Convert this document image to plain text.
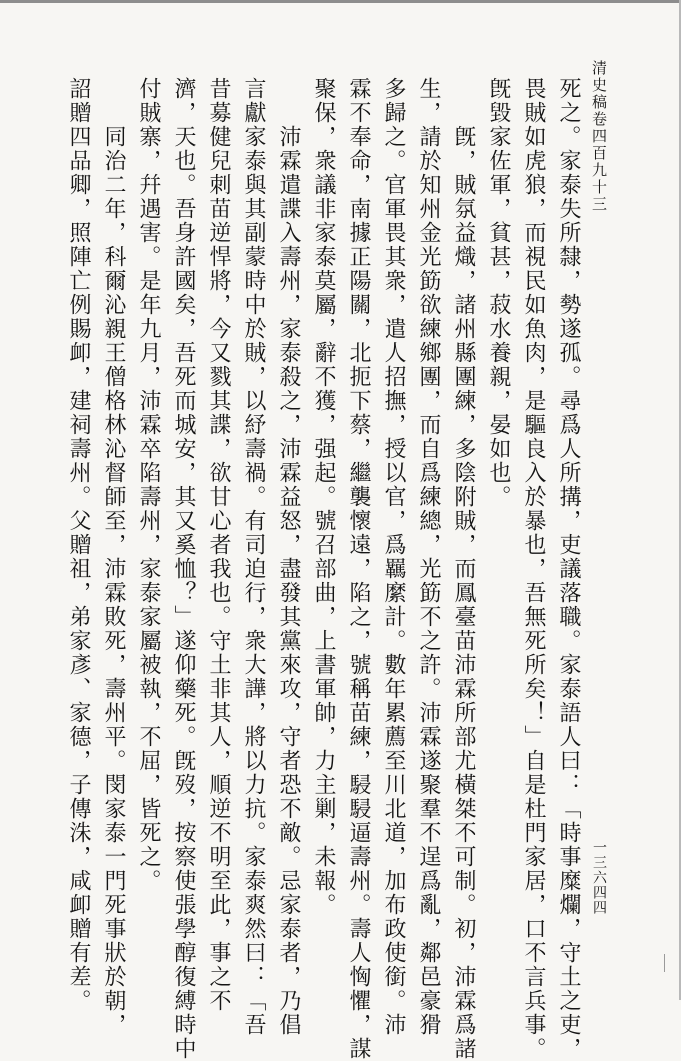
清史稿卷四百九十三
一三六四四
死之。家泰失所隸，勢遂孤。尋爲人所搆，吏議落職。家泰語人曰：「時事糜爛，守土之吏，
畏賊如虎狼，而視民如魚肉，是驅良入於暴也，吾無死所矣！」自是杜門家居，口不言兵事。
旣毀家佐軍，貧甚，菽水養親，晏如也。
　　旣，賊氛益熾，諸州縣團練，多陰附賊，而鳳臺苗沛霖所部尤橫桀不可制。初，沛霖爲諸
生，請於知州金光筯欲練鄉團，而自爲練總，光筯不之許。沛霖遂聚羣不逞爲亂，鄰邑豪猾
多歸之。官軍畏其衆，遣人招撫，授以官，爲羈縻計。數年累薦至川北道，加布政使銜。沛
霖不奉命，南據正陽關，北扼下蔡，繼襲懷遠，陷之，號稱苗練，駸駸逼壽州。壽人恟懼，謀
聚保，衆議非家泰莫屬，辭不獲，强起。號召部曲，上書軍帥，力主剿，未報。
　　沛霖遣諜入壽州，家泰殺之，沛霖益怒，盡發其黨來攻，守者恐不敵。忌家泰者，乃倡
言獻家泰與其副蒙時中於賊，以紓壽禍。有司迫行，衆大譁，將以力抗。家泰爽然曰：「吾
昔募健兒刺苗逆悍將，今又戮其諜，欲甘心者我也。守土非其人，順逆不明至此，事之不
濟，天也。吾身許國矣，吾死而城安，其又奚恤？」遂仰藥死。旣歿，按察使張學醇復縛時中
付賊寨，幷遇害。是年九月，沛霖卒陷壽州，家泰家屬被執，不屈，皆死之。
　　同治二年，科爾沁親王僧格林沁督師至，沛霖敗死，壽州平。閔家泰一門死事狀於朝，
詔贈四品卿，照陣亡例賜卹，建祠壽州。父贈祖，弟家彥、家德，子傳洙，咸卹贈有差。
